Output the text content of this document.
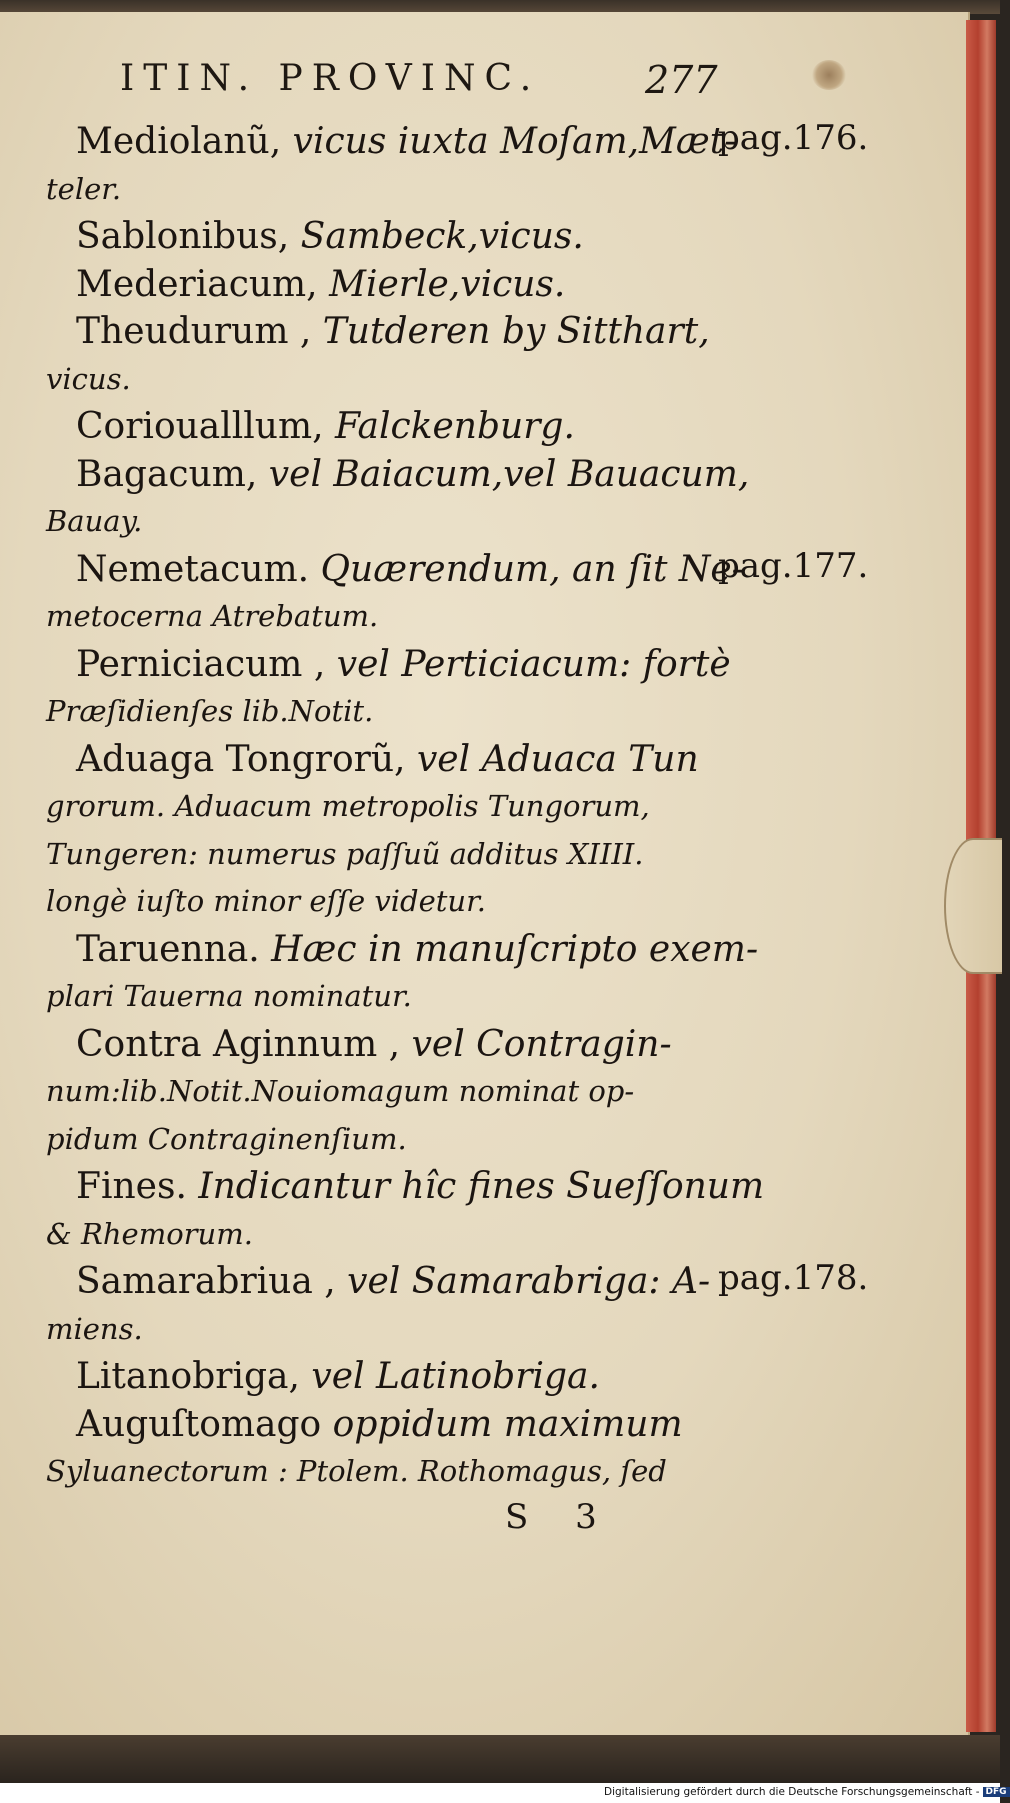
ITIN. PROVINC.	277
Mediolanũ, vicus iuxta Moſam,Mæt-
teler.
Sablonibus, Sambeck,vicus.
Mederiacum, Mierle,vicus.
Theudurum , Tutderen by Sitthart,
vicus.
Corioualllum, Falckenburg.
Bagacum, vel Baiacum,vel Bauacum,
Bauay.
Nemetacum. Quærendum, an ſit Ne-
metocerna Atrebatum.
Perniciacum , vel Perticiacum: fortè
Præſidienſes lib.Notit.
Aduaga Tongrorũ, vel Aduaca Tun
grorum. Aduacum metropolis Tungorum,
Tungeren: numerus paſſuũ additus XIIII.
longè iuſto minor eſſe videtur.
Taruenna. Hæc in manuſcripto exem-
plari Tauerna nominatur.
Contra Aginnum , vel Contragin-
num:lib.Notit.Nouiomagum nominat op-
pidum Contraginenſium.
Fines. Indicantur hîc fines Sueſſonum
& Rhemorum.
Samarabriua , vel Samarabriga: A-
miens.
Litanobriga, vel Latinobriga.
Auguſtomago oppidum maximum
Syluanectorum : Ptolem. Rothomagus, ſed
pag.176.
pag.177.
pag.178.
S 3
Digitalisierung gefördert durch die Deutsche Forschungsgemeinschaft - DFG
